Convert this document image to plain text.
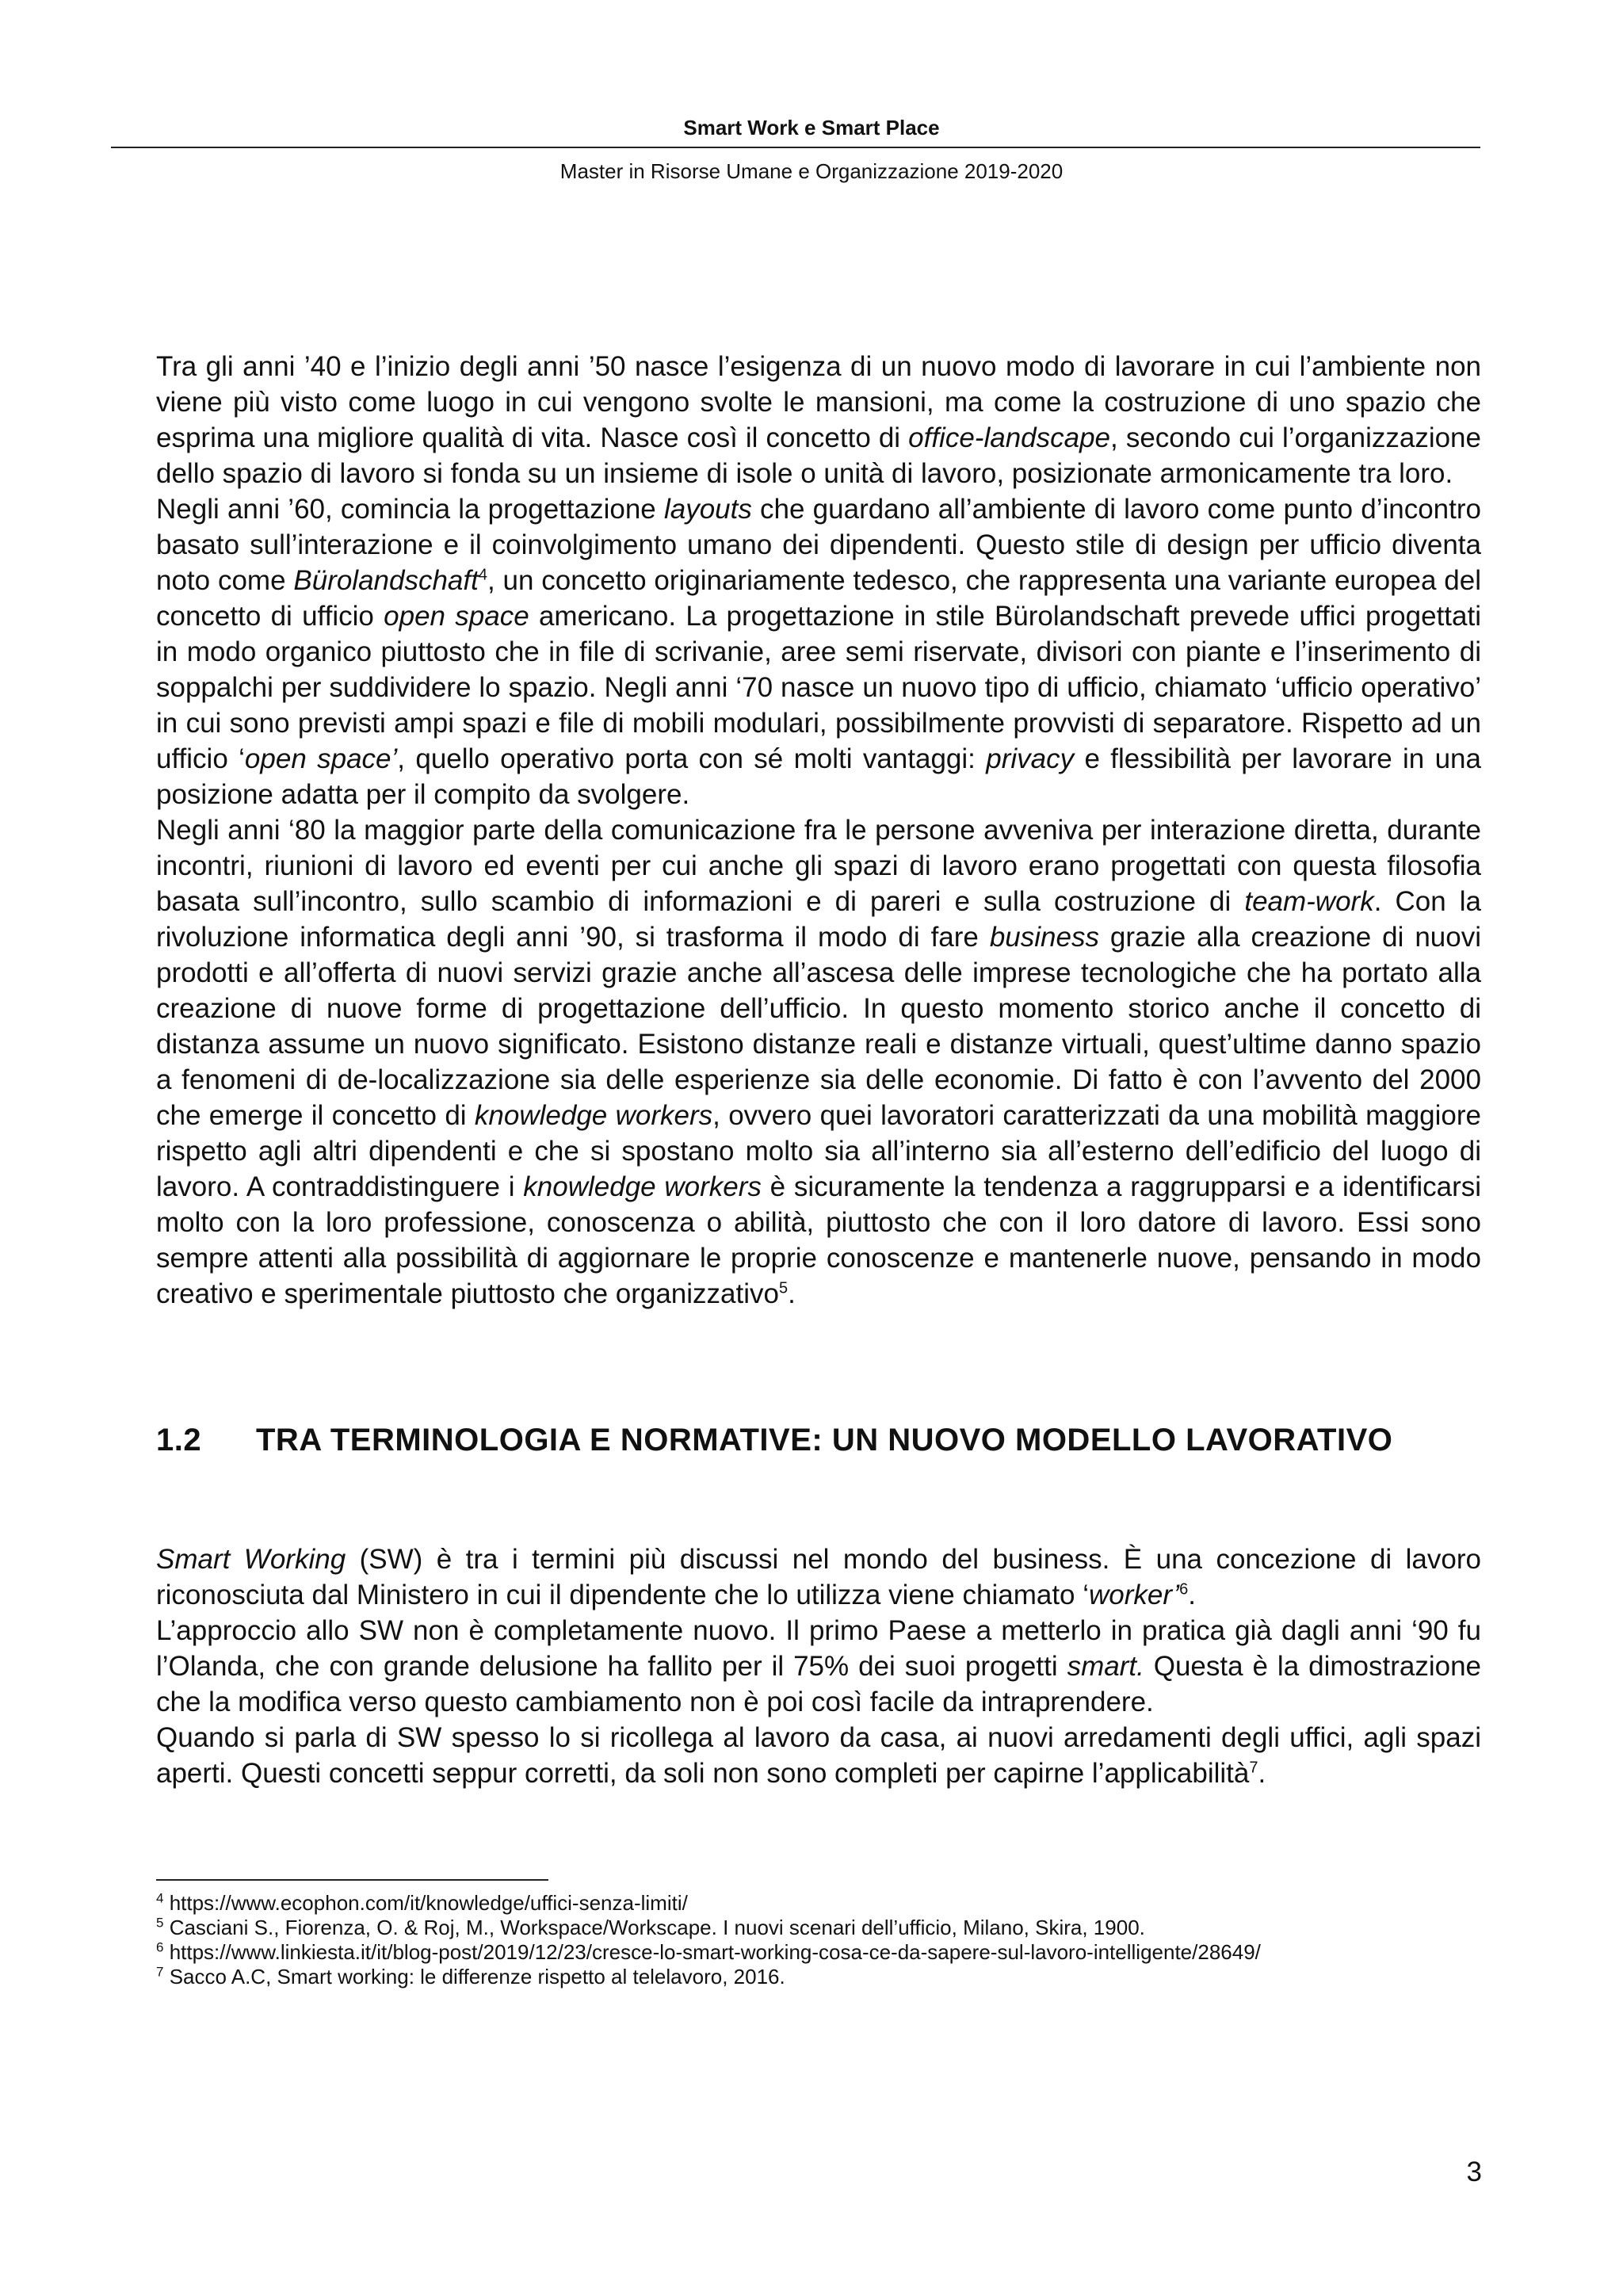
Smart Work e Smart Place
Master in Risorse Umane e Organizzazione 2019-2020

Tra gli anni ’40 e l’inizio degli anni ’50 nasce l’esigenza di un nuovo modo di lavorare in cui l’ambiente non viene più visto come luogo in cui vengono svolte le mansioni, ma come la costruzione di uno spazio che esprima una migliore qualità di vita. Nasce così il concetto di office-landscape, secondo cui l’organizzazione dello spazio di lavoro si fonda su un insieme di isole o unità di lavoro, posizionate armonicamente tra loro.

Negli anni ’60, comincia la progettazione layouts che guardano all’ambiente di lavoro come punto d’incontro basato sull’interazione e il coinvolgimento umano dei dipendenti. Questo stile di design per ufficio diventa noto come Bürolandschaft$^4$, un concetto originariamente tedesco, che rappresenta una variante europea del concetto di ufficio open space americano. La progettazione in stile Bürolandschaft prevede uffici progettati in modo organico piuttosto che in file di scrivanie, aree semi riservate, divisori con piante e l’inserimento di soppalchi per suddividere lo spazio. Negli anni ‘70 nasce un nuovo tipo di ufficio, chiamato ‘ufficio operativo’ in cui sono previsti ampi spazi e file di mobili modulari, possibilmente provvisti di separatore. Rispetto ad un ufficio ‘open space’, quello operativo porta con sé molti vantaggi: privacy e flessibilità per lavorare in una posizione adatta per il compito da svolgere.

Negli anni ‘80 la maggior parte della comunicazione fra le persone avveniva per interazione diretta, durante incontri, riunioni di lavoro ed eventi per cui anche gli spazi di lavoro erano progettati con questa filosofia basata sull’incontro, sullo scambio di informazioni e di pareri e sulla costruzione di team-work. Con la rivoluzione informatica degli anni ’90, si trasforma il modo di fare business grazie alla creazione di nuovi prodotti e all’offerta di nuovi servizi grazie anche all’ascesa delle imprese tecnologiche che ha portato alla creazione di nuove forme di progettazione dell’ufficio. In questo momento storico anche il concetto di distanza assume un nuovo significato. Esistono distanze reali e distanze virtuali, quest’ultime danno spazio a fenomeni di de-localizzazione sia delle esperienze sia delle economie. Di fatto è con l’avvento del 2000 che emerge il concetto di knowledge workers, ovvero quei lavoratori caratterizzati da una mobilità maggiore rispetto agli altri dipendenti e che si spostano molto sia all’interno sia all’esterno dell’edificio del luogo di lavoro. A contraddistinguere i knowledge workers è sicuramente la tendenza a raggrupparsi e a identificarsi molto con la loro professione, conoscenza o abilità, piuttosto che con il loro datore di lavoro. Essi sono sempre attenti alla possibilità di aggiornare le proprie conoscenze e mantenerle nuove, pensando in modo creativo e sperimentale piuttosto che organizzativo$^5$.

1.2 TRA TERMINOLOGIA E NORMATIVE: UN NUOVO MODELLO LAVORATIVO

Smart Working (SW) è tra i termini più discussi nel mondo del business. È una concezione di lavoro riconosciuta dal Ministero in cui il dipendente che lo utilizza viene chiamato ‘worker’$^6$.

L’approccio allo SW non è completamente nuovo. Il primo Paese a metterlo in pratica già dagli anni ‘90 fu l’Olanda, che con grande delusione ha fallito per il 75% dei suoi progetti smart. Questa è la dimostrazione che la modifica verso questo cambiamento non è poi così facile da intraprendere.

Quando si parla di SW spesso lo si ricollega al lavoro da casa, ai nuovi arredamenti degli uffici, agli spazi aperti. Questi concetti seppur corretti, da soli non sono completi per capirne l’applicabilità$^7$.

$^4$ https://www.ecophon.com/it/knowledge/uffici-senza-limiti/
$^5$ Casciani S., Fiorenza, O. & Roj, M., Workspace/Workscape. I nuovi scenari dell’ufficio, Milano, Skira, 1900.
$^6$ https://www.linkiesta.it/it/blog-post/2019/12/23/cresce-lo-smart-working-cosa-ce-da-sapere-sul-lavoro-intelligente/28649/
$^7$ Sacco A.C, Smart working: le differenze rispetto al telelavoro, 2016.
3
